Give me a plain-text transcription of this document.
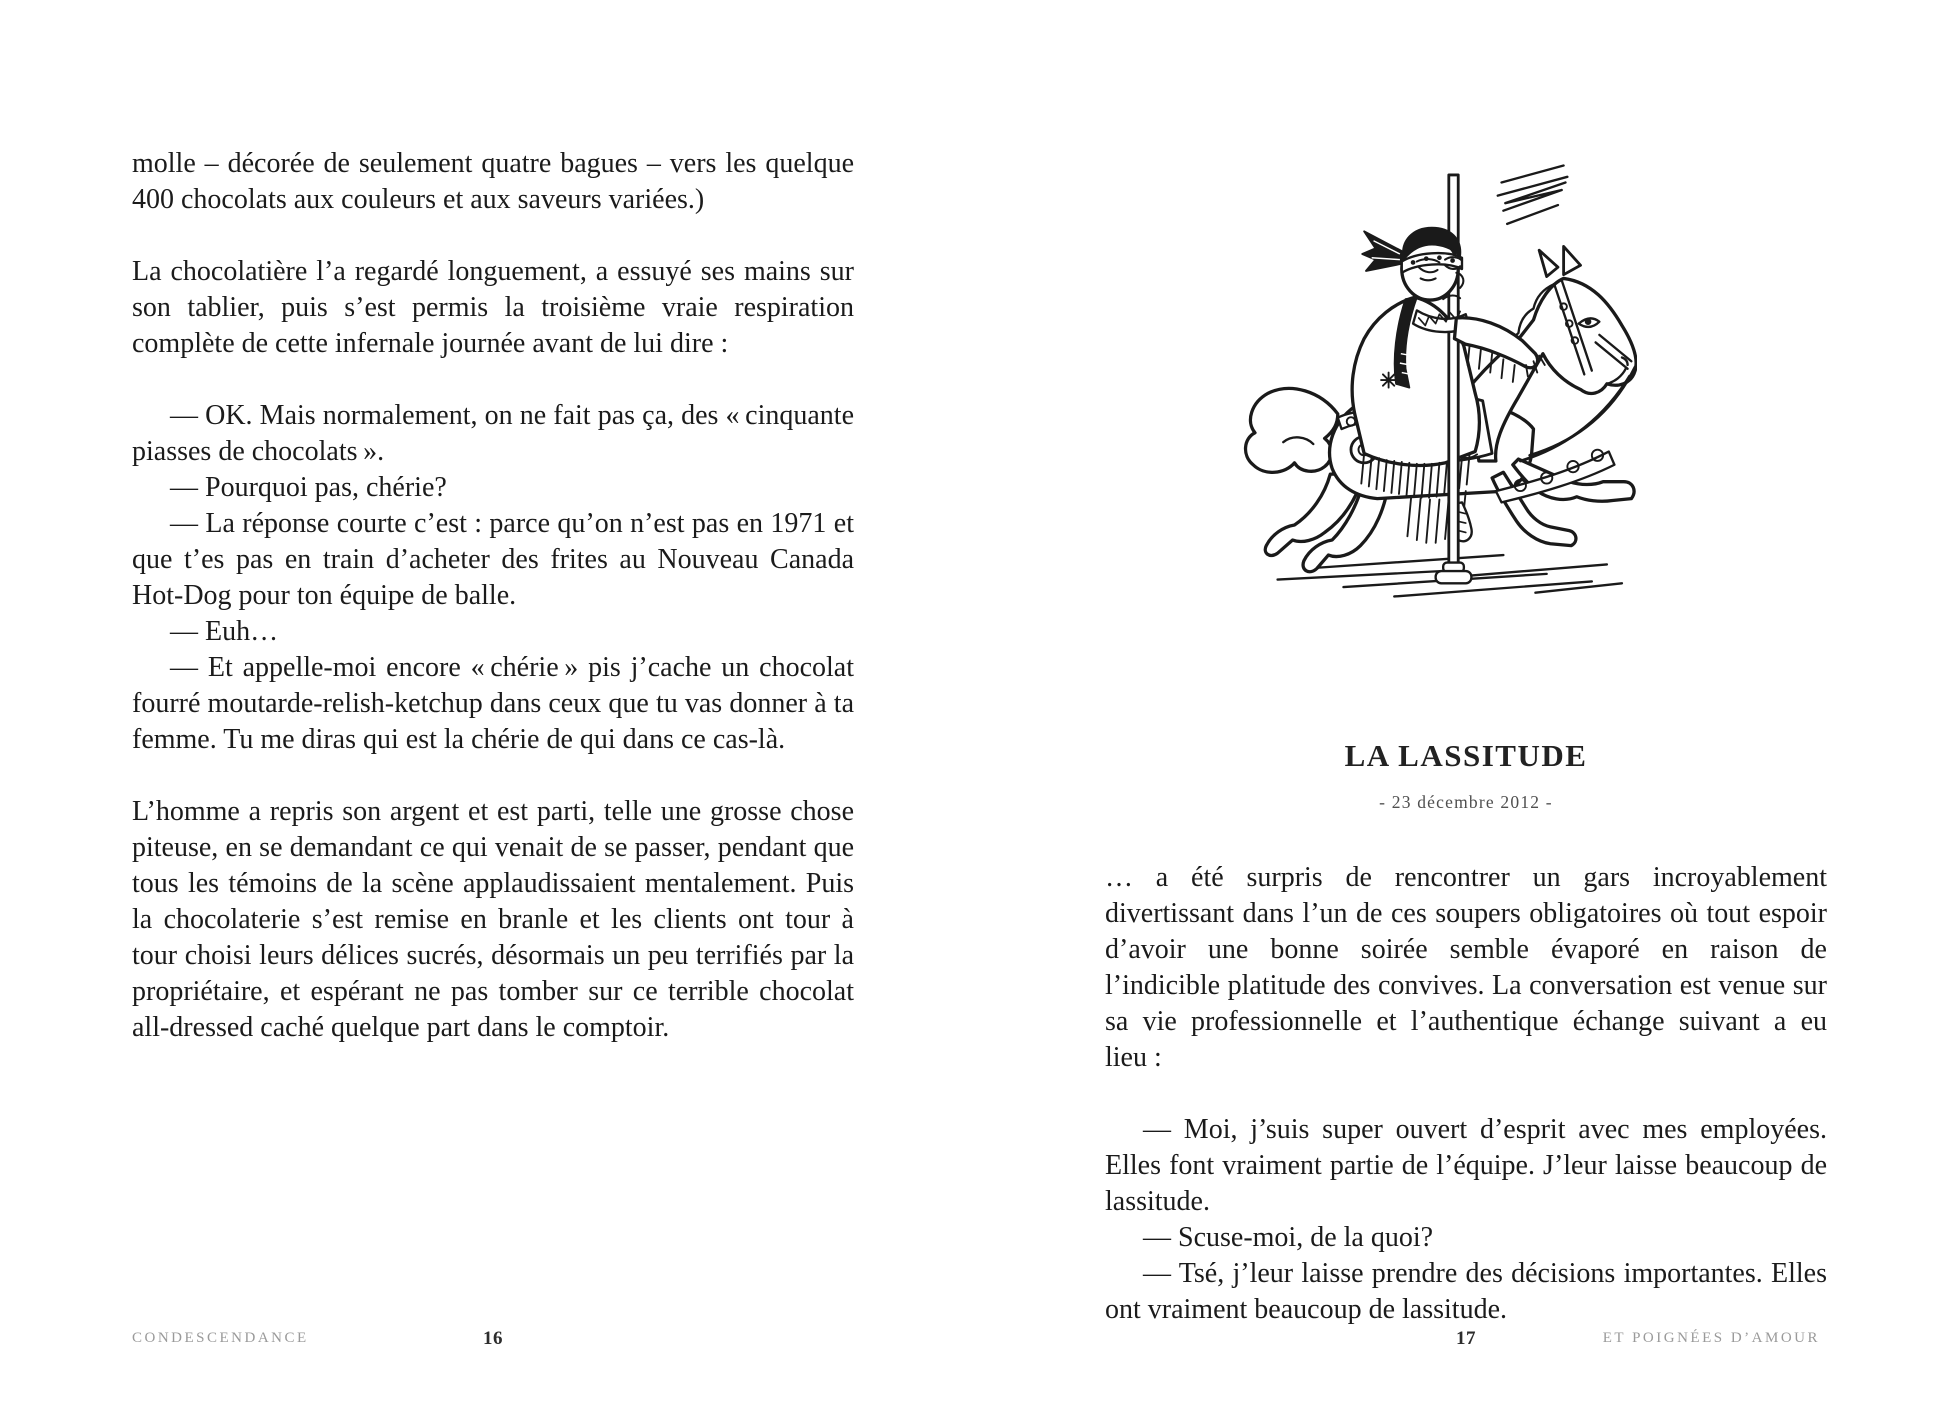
molle – décorée de seulement quatre bagues – vers les quelque 400 chocolats aux couleurs et aux saveurs variées.)

La chocolatière l’a regardé longuement, a essuyé ses mains sur son tablier, puis s’est permis la troisième vraie respiration complète de cette infernale journée avant de lui dire :

— OK. Mais normalement, on ne fait pas ça, des « cinquante piasses de chocolats ».

— Pourquoi pas, chérie?

— La réponse courte c’est : parce qu’on n’est pas en 1971 et que t’es pas en train d’acheter des frites au Nouveau Canada Hot-Dog pour ton équipe de balle.

— Euh…

— Et appelle-moi encore « chérie » pis j’cache un chocolat fourré moutarde-relish-ketchup dans ceux que tu vas donner à ta femme. Tu me diras qui est la chérie de qui dans ce cas-là.

L’homme a repris son argent et est parti, telle une grosse chose piteuse, en se demandant ce qui venait de se passer, pendant que tous les témoins de la scène applaudissaient mentalement. Puis la chocolaterie s’est remise en branle et les clients ont tour à tour choisi leurs délices sucrés, désormais un peu terrifiés par la propriétaire, et espérant ne pas tomber sur ce terrible chocolat all-dressed caché quelque part dans le comptoir.

CONDESCENDANCE	16
LA LASSITUDE
- 23 décembre 2012 -

… a été surpris de rencontrer un gars incroyablement divertissant dans l’un de ces soupers obligatoires où tout espoir d’avoir une bonne soirée semble évaporé en raison de l’indicible platitude des convives. La conversation est venue sur sa vie professionnelle et l’authentique échange suivant a eu lieu :

— Moi, j’suis super ouvert d’esprit avec mes employées. Elles font vraiment partie de l’équipe. J’leur laisse beaucoup de lassitude.

— Scuse-moi, de la quoi?

— Tsé, j’leur laisse prendre des décisions importantes. Elles ont vraiment beaucoup de lassitude.

17	ET POIGNÉES D’AMOUR
